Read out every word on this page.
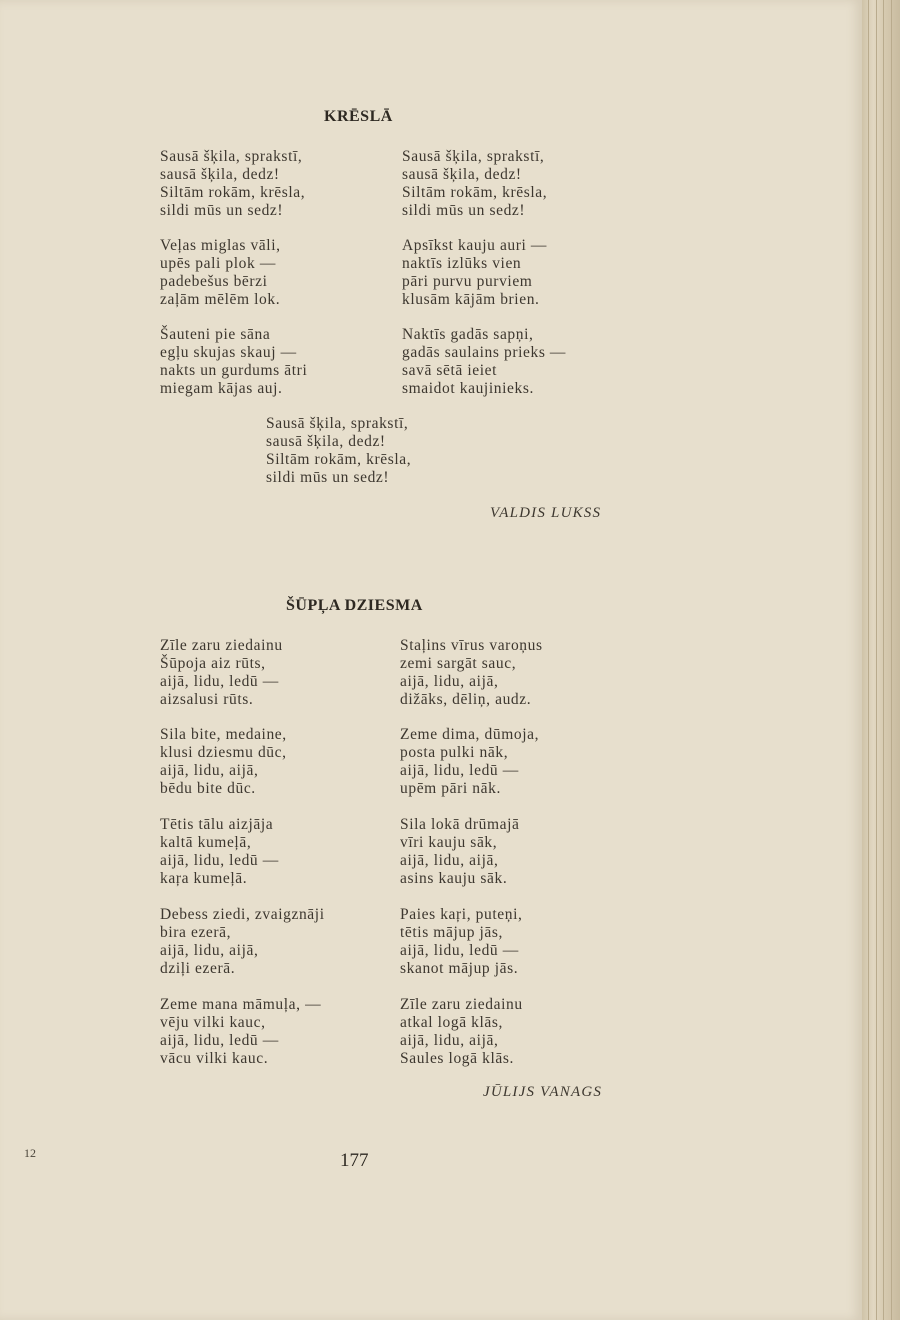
KRĒSLĀ
Sausā šķila, sprakstī,
sausā šķila, dedz!
Siltām rokām, krēsla,
sildi mūs un sedz!
Sausā šķila, sprakstī,
sausā šķila, dedz!
Siltām rokām, krēsla,
sildi mūs un sedz!
Veļas miglas vāli,
upēs pali plok —
padebešus bērzi
zaļām mēlēm lok.
Apsīkst kauju auri —
naktīs izlūks vien
pāri purvu purviem
klusām kājām brien.
Šauteni pie sāna
egļu skujas skauj —
nakts un gurdums ātri
miegam kājas auj.
Naktīs gadās sapņi,
gadās saulains prieks —
savā sētā ieiet
smaidot kaujinieks.
Sausā šķila, sprakstī,
sausā šķila, dedz!
Siltām rokām, krēsla,
sildi mūs un sedz!
VALDIS LUKSS
ŠŪPĻA DZIESMA
Zīle zaru ziedainu
Šūpoja aiz rūts,
aijā, lidu, ledū —
aizsalusi rūts.
Staļins vīrus varoņus
zemi sargāt sauc,
aijā, lidu, aijā,
dižāks, dēliņ, audz.
Sila bite, medaine,
klusi dziesmu dūc,
aijā, lidu, aijā,
bēdu bite dūc.
Zeme dima, dūmoja,
posta pulki nāk,
aijā, lidu, ledū —
upēm pāri nāk.
Tētis tālu aizjāja
kaltā kumeļā,
aijā, lidu, ledū —
kaŗa kumeļā.
Sila lokā drūmajā
vīri kauju sāk,
aijā, lidu, aijā,
asins kauju sāk.
Debess ziedi, zvaigznāji
bira ezerā,
aijā, lidu, aijā,
dziļi ezerā.
Paies kaŗi, puteņi,
tētis mājup jās,
aijā, lidu, ledū —
skanot mājup jās.
Zeme mana māmuļa, —
vēju vilki kauc,
aijā, lidu, ledū —
vācu vilki kauc.
Zīle zaru ziedainu
atkal logā klās,
aijā, lidu, aijā,
Saules logā klās.
JŪLIJS VANAGS
12	177
